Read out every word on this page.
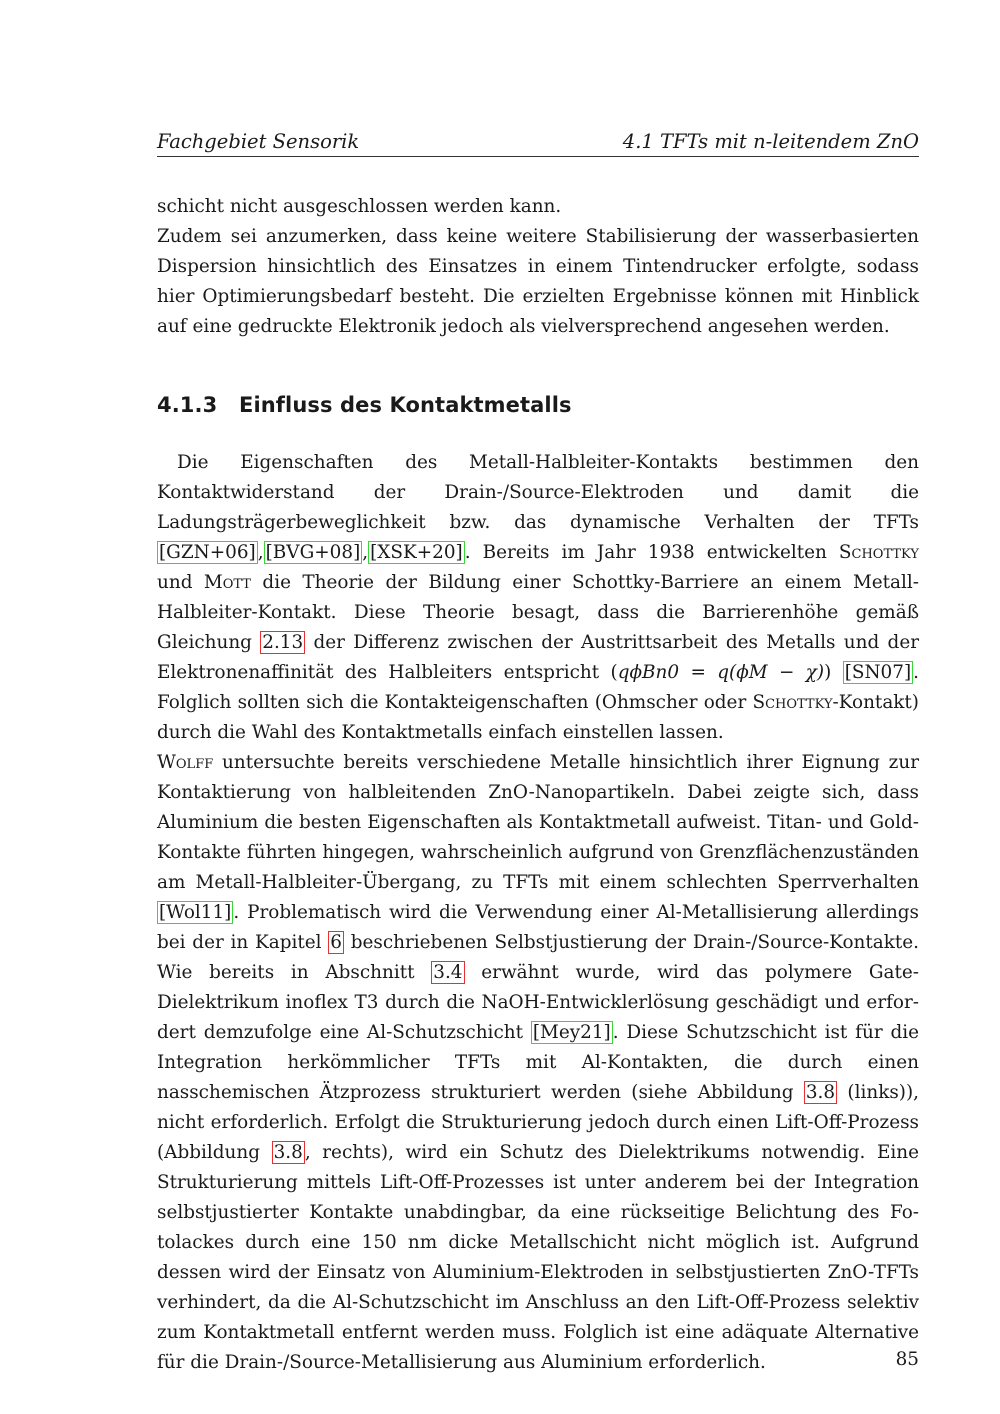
Fachgebiet Sensorik	4.1 TFTs mit n-leitendem ZnO

schicht nicht ausgeschlossen werden kann.

Zudem sei anzumerken, dass keine weitere Stabilisierung der wasserbasierten Dispersion hinsichtlich des Einsatzes in einem Tintendrucker erfolgte, sodass hier Optimierungsbedarf besteht. Die erzielten Ergebnisse können mit Hinblick auf eine gedruckte Elektronik jedoch als vielversprechend angesehen werden.

4.1.3 Einfluss des Kontaktmetalls

Die Eigenschaften des Metall-Halbleiter-Kontakts bestimmen den Kontaktwiderstand der Drain-/Source-Elektroden und damit die Ladungsträgerbeweglichkeit bzw. das dynamische Verhalten der TFTs [GZN+06] , [BVG+08] , [XSK+20] . Bereits im Jahr 1938 entwickelten Schottky und Mott die Theorie der Bildung einer Schottky-Barriere an einem Metall-Halbleiter-Kontakt. Diese Theorie besagt, dass die Barrierenhöhe gemäß Gleichung 2.13 der Differenz zwischen der Austrittsarbeit des Metalls und der Elektronenaffinität des Halbleiters entspricht (qϕBn0 = q(ϕM − χ)) [SN07] . Folglich sollten sich die Kontakteigenschaften (Ohmscher oder Schottky-Kontakt) durch die Wahl des Kontaktmetalls einfach einstellen lassen.

Wolff untersuchte bereits verschiedene Metalle hinsichtlich ihrer Eignung zur Kontaktierung von halbleitenden ZnO-Nanopartikeln. Dabei zeigte sich, dass Aluminium die besten Eigenschaften als Kontaktmetall aufweist. Titan- und Gold-Kontakte führten hingegen, wahrscheinlich aufgrund von Grenzflächenzuständen am Metall-Halbleiter-Übergang, zu TFTs mit einem schlechten Sperrverhalten [Wol11] . Problematisch wird die Verwendung einer Al-Metallisierung allerdings bei der in Kapitel 6 beschriebenen Selbstjustierung der Drain-/Source-Kontakte. Wie bereits in Abschnitt 3.4 erwähnt wurde, wird das polymere Gate-Dielektrikum inoflex T3 durch die NaOH-Entwicklerlösung geschädigt und erfordert demzufolge eine Al-Schutzschicht [Mey21] . Diese Schutzschicht ist für die Integration herkömmlicher TFTs mit Al-Kontakten, die durch einen nasschemischen Ätzprozess strukturiert werden (siehe Abbildung 3.8 (links)), nicht erforderlich. Erfolgt die Strukturierung jedoch durch einen Lift-Off-Prozess (Abbildung 3.8 , rechts), wird ein Schutz des Dielektrikums notwendig. Eine Strukturierung mittels Lift-Off-Prozesses ist unter anderem bei der Integration selbstjustierter Kontakte unabdingbar, da eine rückseitige Belichtung des Fotolackes durch eine 150 nm dicke Metallschicht nicht möglich ist. Aufgrund dessen wird der Einsatz von Aluminium-Elektroden in selbstjustierten ZnO-TFTs verhindert, da die Al-Schutzschicht im Anschluss an den Lift-Off-Prozess selektiv zum Kontaktmetall entfernt werden muss. Folglich ist eine adäquate Alternative für die Drain-/Source-Metallisierung aus Aluminium erforderlich.	85
